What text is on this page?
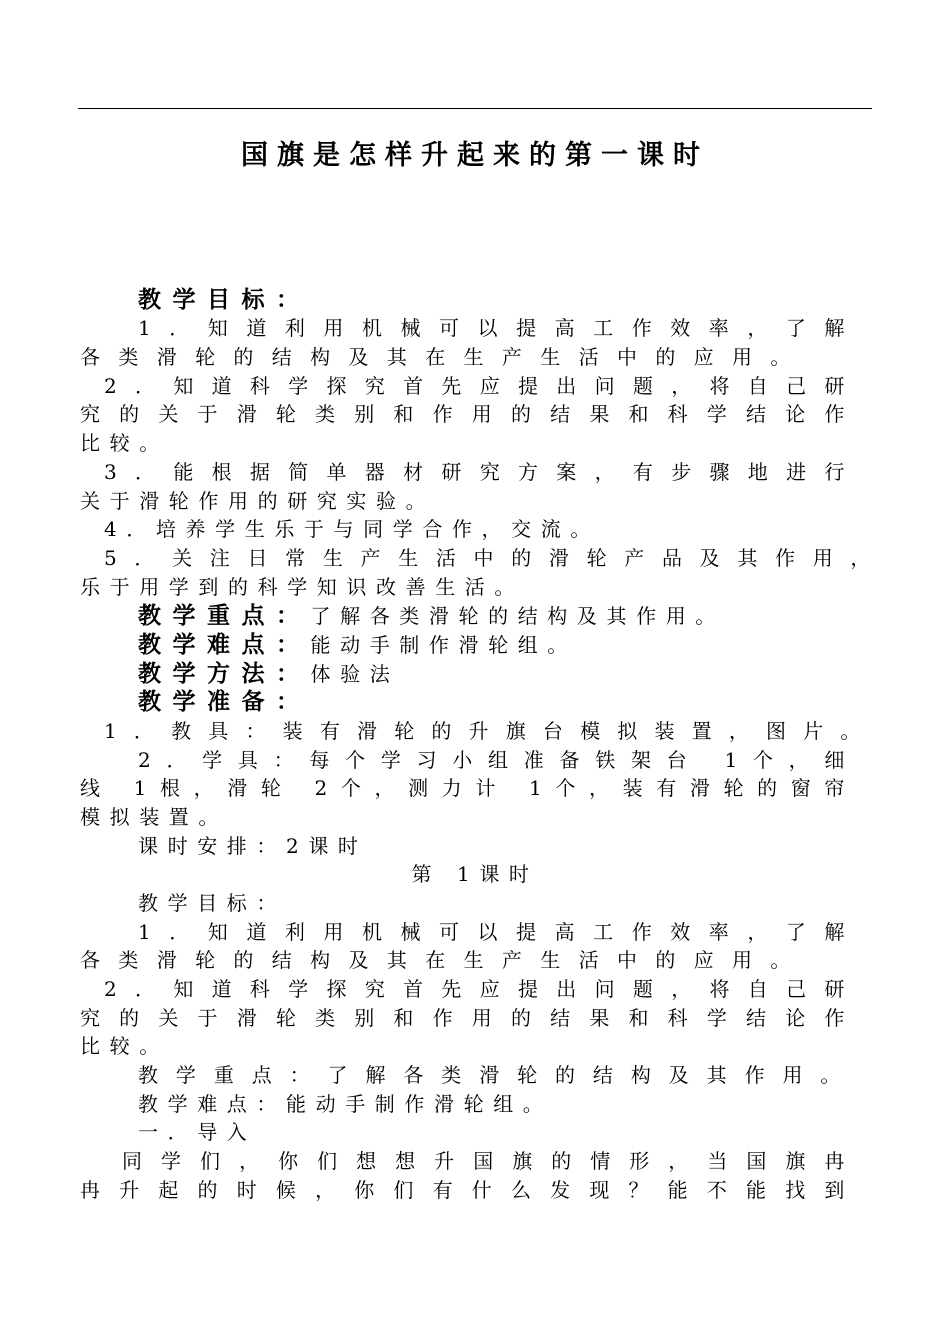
国旗是怎样升起来的第一课时
教学目标：
1．知道利用机械可以提高工作效率，了解
各类滑轮的结构及其在生产生活中的应用。
2．知道科学探究首先应提出问题，将自己研
究的关于滑轮类别和作用的结果和科学结论作
比较。
3．能根据简单器材研究方案，有步骤地进行
关于滑轮作用的研究实验。
4．培养学生乐于与同学合作，交流。
5．关注日常生产生活中的滑轮产品及其作用，
乐于用学到的科学知识改善生活。
教学重点：了解各类滑轮的结构及其作用。
教学难点：能动手制作滑轮组。
教学方法：体验法
教学准备：
1．教具：装有滑轮的升旗台模拟装置，图片。
2．学具：每个学习小组准备铁架台 1个，细
线 1根，滑轮 2个，测力计 1个，装有滑轮的窗帘
模拟装置。
课时安排：2课时
第 1课时
教学目标：
1．知道利用机械可以提高工作效率，了解
各类滑轮的结构及其在生产生活中的应用。
2．知道科学探究首先应提出问题，将自己研
究的关于滑轮类别和作用的结果和科学结论作
比较。
教学重点：了解各类滑轮的结构及其作用。
教学难点：能动手制作滑轮组。
一．导入
同学们，你们想想升国旗的情形，当国旗冉
冉升起的时候，你们有什么发现？能不能找到
